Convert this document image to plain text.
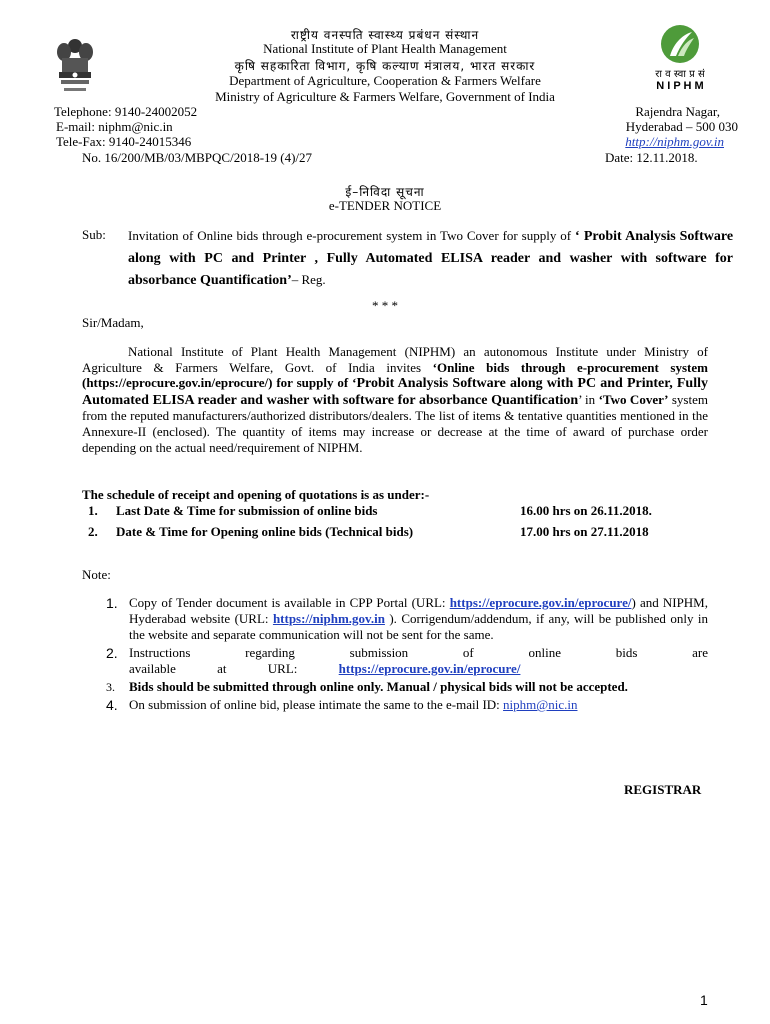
रा व स्वा प्र सं
N I P H M
राष्ट्रीय वनस्पति स्वास्थ्य प्रबंधन संस्थान
National Institute of Plant Health Management
कृषि सहकारिता विभाग, कृषि कल्याण मंत्रालय, भारत सरकार
Department of Agriculture, Cooperation & Farmers Welfare
Ministry of Agriculture & Farmers Welfare, Government of India
Telephone: 9140-24002052
E-mail: niphm@nic.in
Tele-Fax: 9140-24015346
Rajendra Nagar,
Hyderabad – 500 030
http://niphm.gov.in
No. 16/200/MB/03/MBPQC/2018-19 (4)/27	Date: 12.11.2018.
ई–निविदा सूचना
e-TENDER NOTICE
Sub: Invitation of Online bids through e-procurement system in Two Cover for supply of ‘ Probit Analysis Software along with PC and Printer , Fully Automated ELISA reader and washer with software for absorbance Quantification’– Reg.
* * *
Sir/Madam,
National Institute of Plant Health Management (NIPHM) an autonomous Institute under Ministry of Agriculture & Farmers Welfare, Govt. of India invites ‘Online bids through e-procurement system (https://eprocure.gov.in/eprocure/) for supply of ‘Probit Analysis Software along with PC and Printer, Fully Automated ELISA reader and washer with software for absorbance Quantification’ in ‘Two Cover’ system from the reputed manufacturers/authorized distributors/dealers. The list of items & tentative quantities mentioned in the Annexure-II (enclosed). The quantity of items may increase or decrease at the time of award of purchase order depending on the actual need/requirement of NIPHM.
The schedule of receipt and opening of quotations is as under:-
1. Last Date & Time for submission of online bids	16.00 hrs on 26.11.2018.
2. Date & Time for Opening online bids (Technical bids)	17.00 hrs on 27.11.2018
Note:
1. Copy of Tender document is available in CPP Portal (URL: https://eprocure.gov.in/eprocure/) and NIPHM, Hyderabad website (URL: https://niphm.gov.in ). Corrigendum/addendum, if any, will be published only in the website and separate communication will not be sent for the same.
2. Instructions regarding submission of online bids are available at URL: https://eprocure.gov.in/eprocure/
3. Bids should be submitted through online only. Manual / physical bids will not be accepted.
4. On submission of online bid, please intimate the same to the e-mail ID: niphm@nic.in
REGISTRAR
1
